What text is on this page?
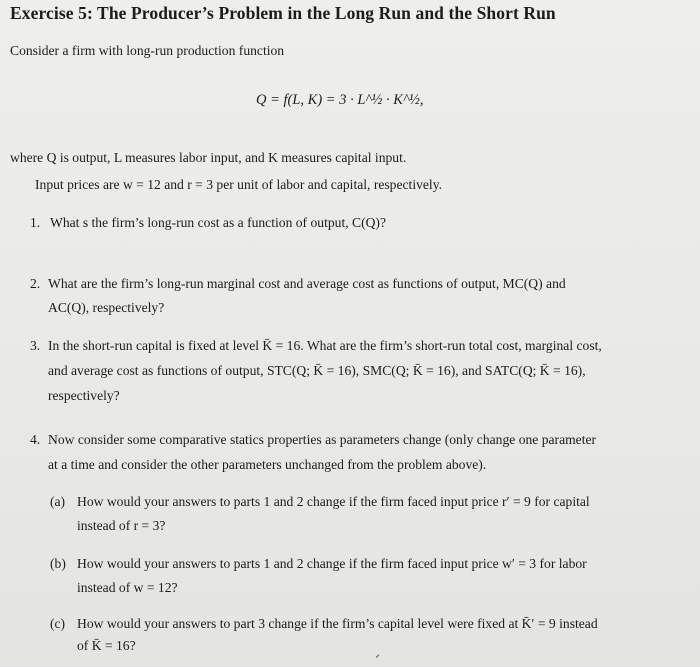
Exercise 5: The Producer’s Problem in the Long Run and the Short Run
Consider a firm with long-run production function
Q = f(L, K) = 3 · L^½ · K^½,
where Q is output, L measures labor input, and K measures capital input.
Input prices are w = 12 and r = 3 per unit of labor and capital, respectively.
1. What s the firm’s long-run cost as a function of output, C(Q)?
2. What are the firm’s long-run marginal cost and average cost as functions of output, MC(Q) and
AC(Q), respectively?
3. In the short-run capital is fixed at level K̄ = 16. What are the firm’s short-run total cost, marginal cost,
and average cost as functions of output, STC(Q; K̄ = 16), SMC(Q; K̄ = 16), and SATC(Q; K̄ = 16),
respectively?
4. Now consider some comparative statics properties as parameters change (only change one parameter
at a time and consider the other parameters unchanged from the problem above).
(a) How would your answers to parts 1 and 2 change if the firm faced input price r′ = 9 for capital
instead of r = 3?
(b) How would your answers to parts 1 and 2 change if the firm faced input price w′ = 3 for labor
instead of w = 12?
(c) How would your answers to part 3 change if the firm’s capital level were fixed at K̄′ = 9 instead
of K̄ = 16?
